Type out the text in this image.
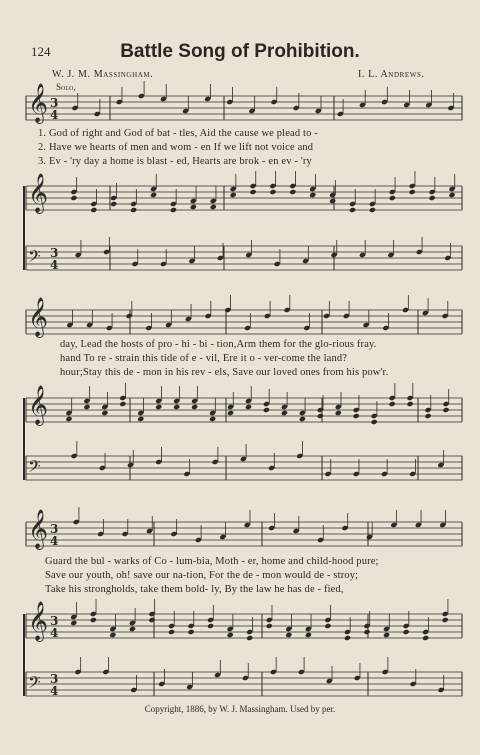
𝄞 3
4
𝄞
𝄢 3
4
𝄞
𝄞
𝄢
𝄞 3
4
𝄞 3
4
𝄢 3
4
124	Battle Song of Prohibition.
W. J. M. Massingham.	I. L. Andrews.
Solo,
1. God of right and God of bat - tles, Aid the cause we plead to -
2. Have we hearts of men and wom - en If we lift not voice and
3. Ev - 'ry day a home is blast - ed, Hearts are brok - en ev - 'ry
day, Lead the hosts of pro - hi - bi - tion,Arm them for the glo-rious fray.
hand To re - strain this tide of e - vil, Ere it o - ver-come the land?
hour;Stay this de - mon in his rev - els, Save our loved ones from his pow'r.
Guard the bul - warks of Co - lum-bia, Moth - er, home and child-hood pure;
Save our youth, oh! save our na-tion, For the de - mon would de - stroy;
Take his strongholds, take them bold- ly, By the law he has de - fied,
Copyright, 1886, by W. J. Massingham. Used by per.
